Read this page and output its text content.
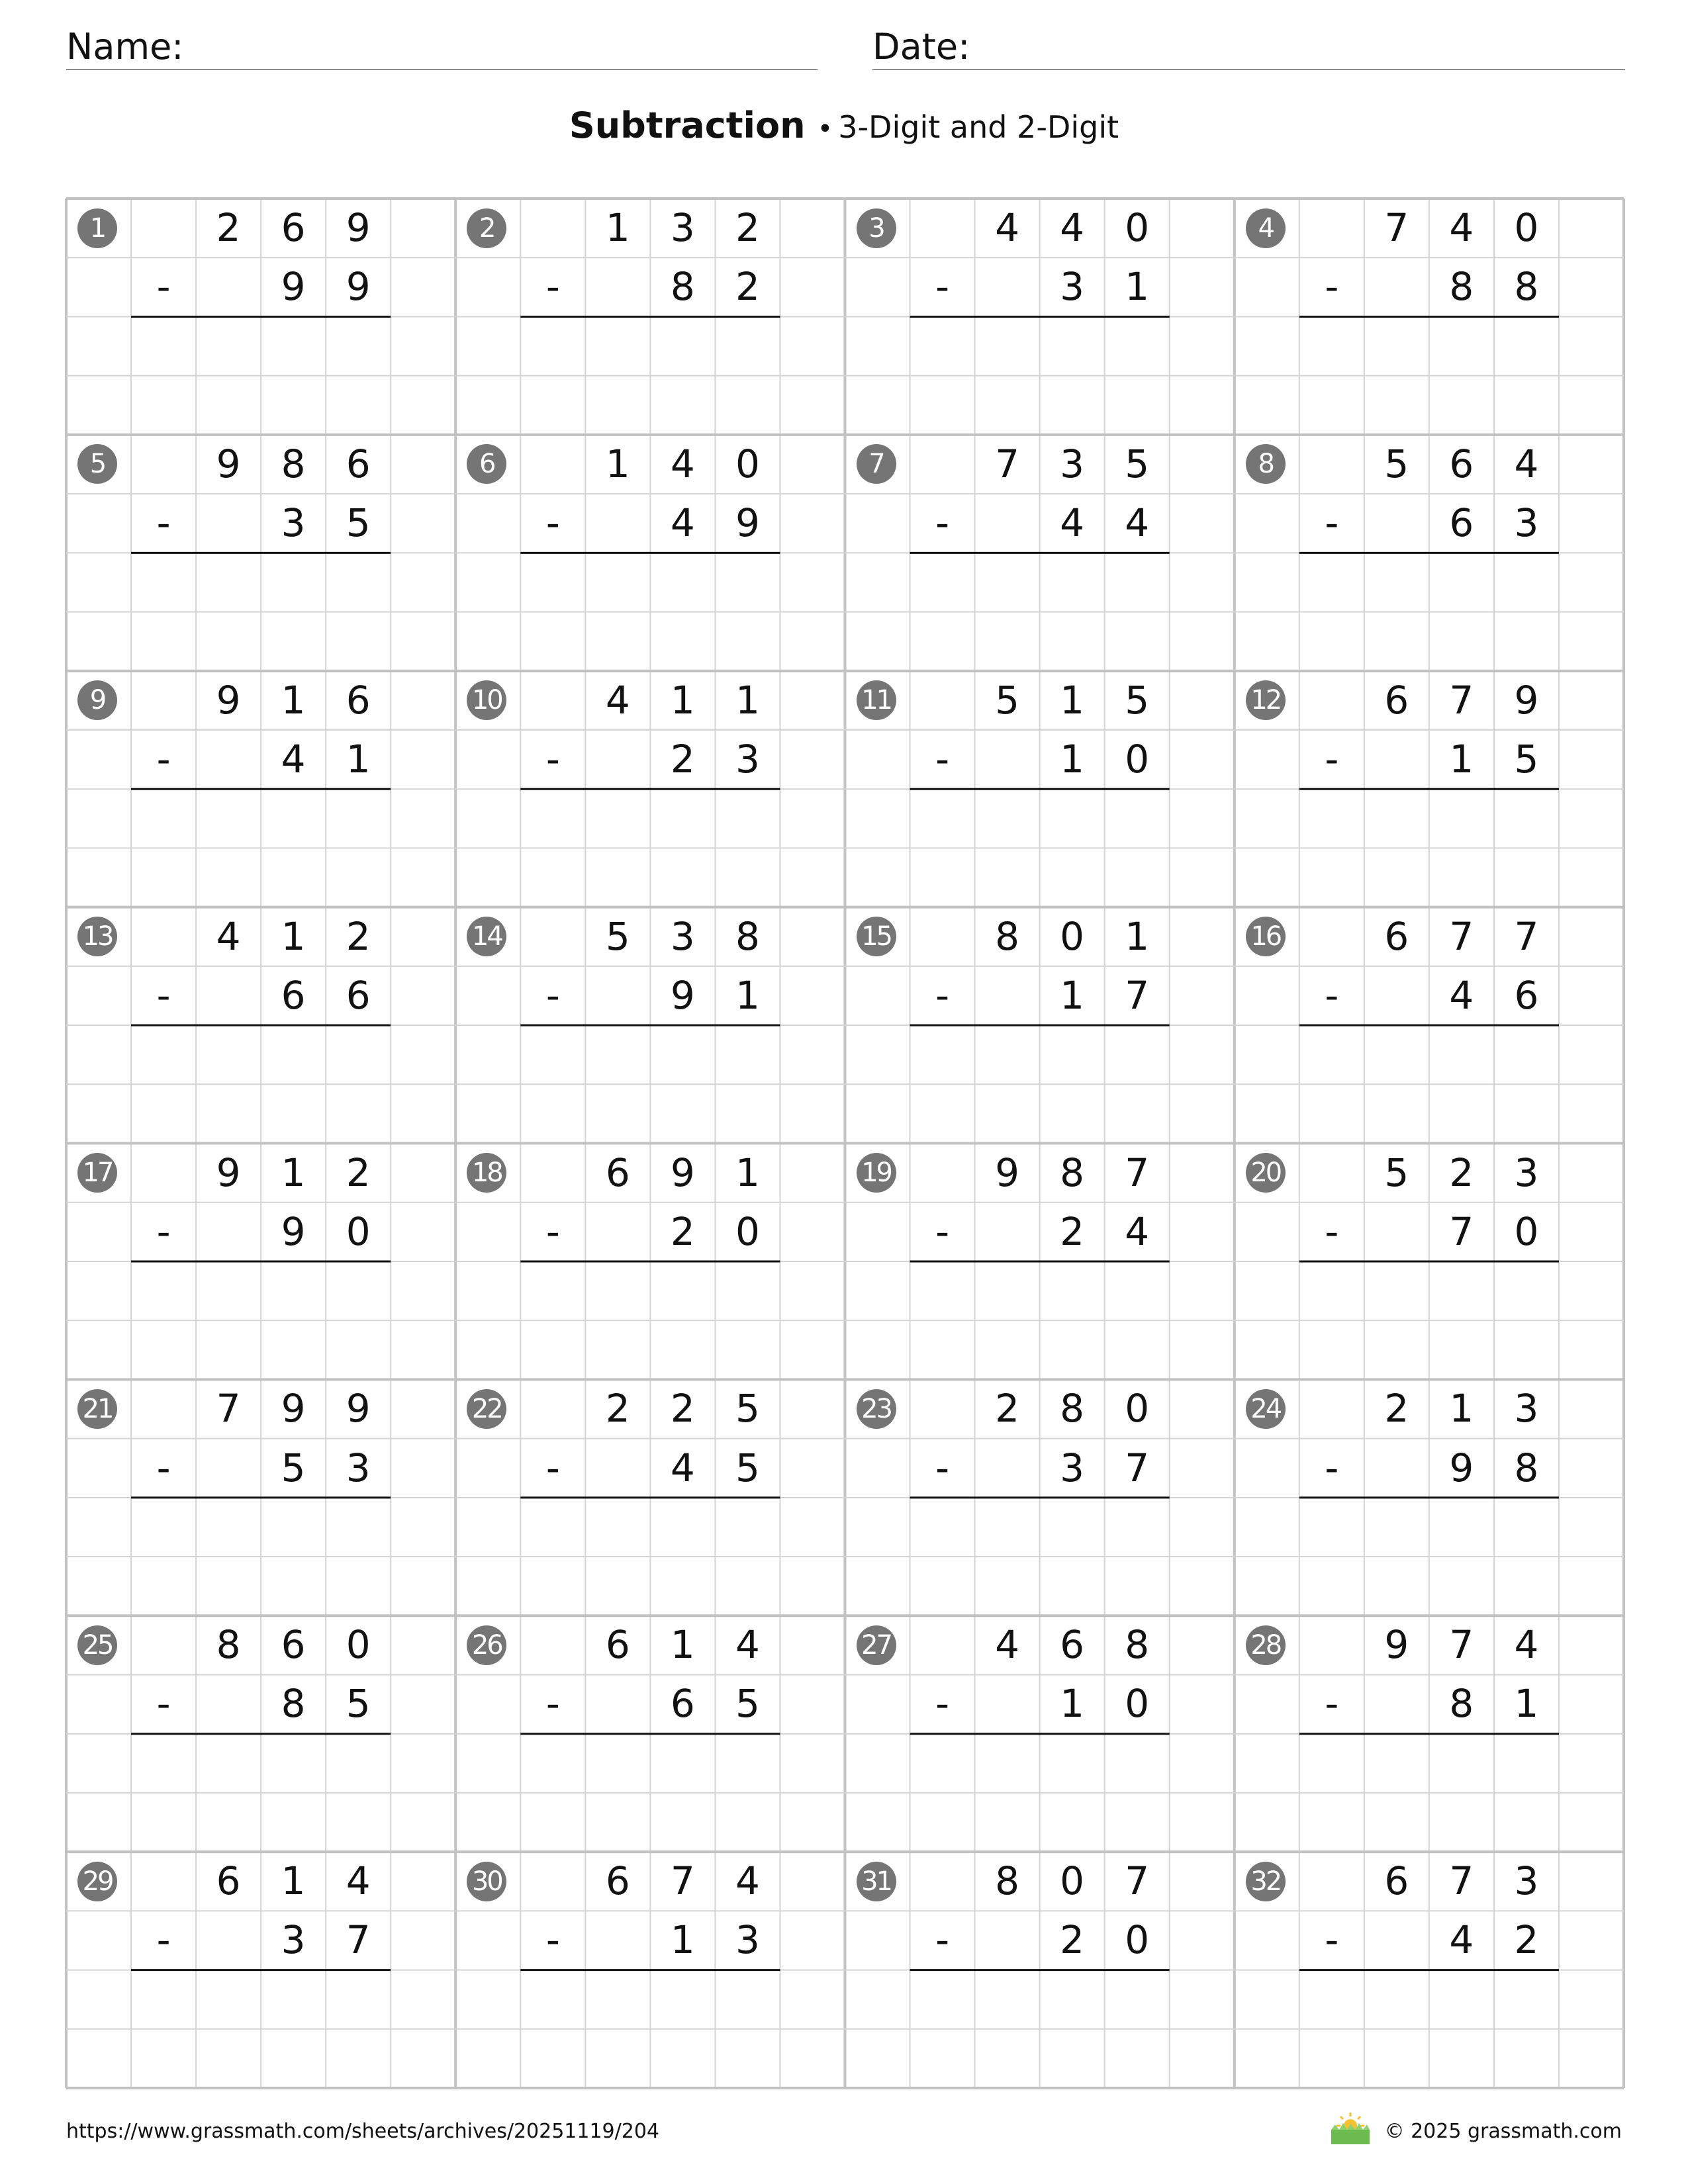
Name:	Date:
Subtraction • 3-Digit and 2-Digit
1	2	6	9
-	9	9
2	1	3	2
-	8	2
3	4	4	0
-	3	1
4	7	4	0
-	8	8
5	9	8	6
-	3	5
6	1	4	0
-	4	9
7	7	3	5
-	4	4
8	5	6	4
-	6	3
9	9	1	6
-	4	1
10	4	1	1
-	2	3
11	5	1	5
-	1	0
12	6	7	9
-	1	5
13	4	1	2
-	6	6
14	5	3	8
-	9	1
15	8	0	1
-	1	7
16	6	7	7
-	4	6
17	9	1	2
-	9	0
18	6	9	1
-	2	0
19	9	8	7
-	2	4
20	5	2	3
-	7	0
21	7	9	9
-	5	3
22	2	2	5
-	4	5
23	2	8	0
-	3	7
24	2	1	3
-	9	8
25	8	6	0
-	8	5
26	6	1	4
-	6	5
27	4	6	8
-	1	0
28	9	7	4
-	8	1
29	6	1	4
-	3	7
30	6	7	4
-	1	3
31	8	0	7
-	2	0
32	6	7	3
-	4	2
https://www.grassmath.com/sheets/archives/20251119/204	© 2025 grassmath.com
